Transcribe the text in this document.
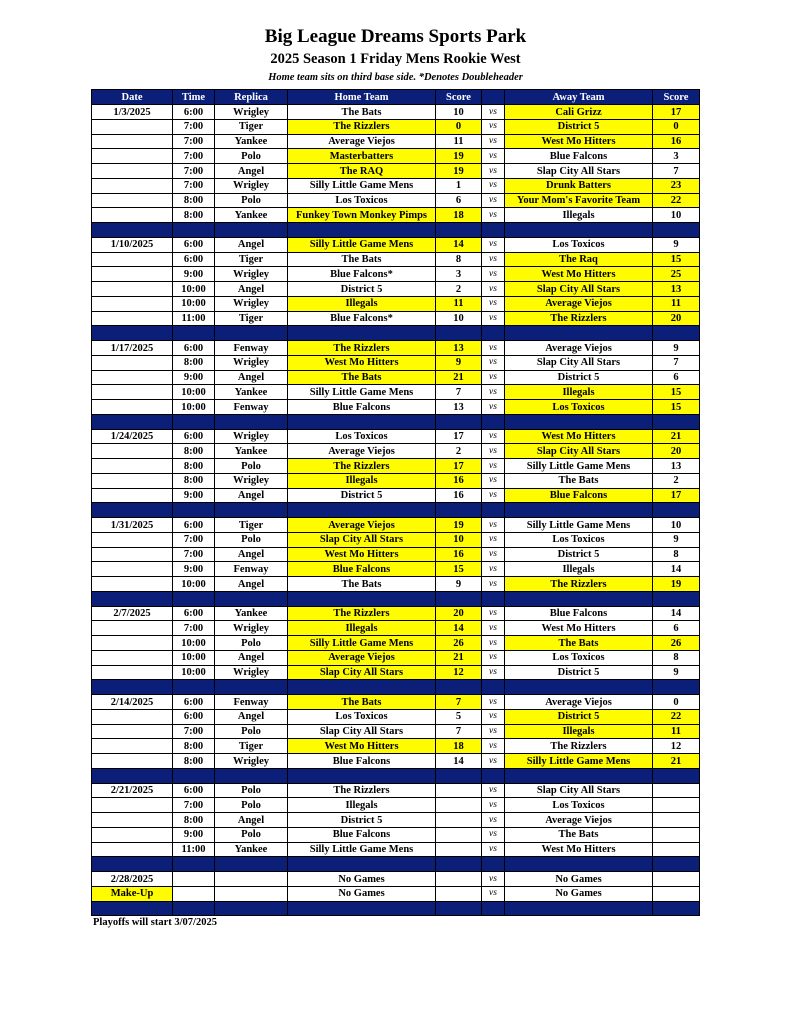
Big League Dreams Sports Park
2025 Season 1 Friday Mens Rookie West
Home team sits on third base side. *Denotes Doubleheader
Date	Time	Replica	Home Team	Score		Away Team	Score
1/3/2025	6:00	Wrigley	The Bats	10	vs	Cali Grizz	17
	7:00	Tiger	The Rizzlers	0	vs	District 5	0
	7:00	Yankee	Average Viejos	11	vs	West Mo Hitters	16
	7:00	Polo	Masterbatters	19	vs	Blue Falcons	3
	7:00	Angel	The RAQ	19	vs	Slap City All Stars	7
	7:00	Wrigley	Silly Little Game Mens	1	vs	Drunk Batters	23
	8:00	Polo	Los Toxicos	6	vs	Your Mom's Favorite Team	22
	8:00	Yankee	Funkey Town Monkey Pimps	18	vs	Illegals	10

1/10/2025	6:00	Angel	Silly Little Game Mens	14	vs	Los Toxicos	9
	6:00	Tiger	The Bats	8	vs	The Raq	15
	9:00	Wrigley	Blue Falcons*	3	vs	West Mo Hitters	25
	10:00	Angel	District 5	2	vs	Slap City All Stars	13
	10:00	Wrigley	Illegals	11	vs	Average Viejos	11
	11:00	Tiger	Blue Falcons*	10	vs	The Rizzlers	20

1/17/2025	6:00	Fenway	The Rizzlers	13	vs	Average Viejos	9
	8:00	Wrigley	West Mo Hitters	9	vs	Slap City All Stars	7
	9:00	Angel	The Bats	21	vs	District 5	6
	10:00	Yankee	Silly Little Game Mens	7	vs	Illegals	15
	10:00	Fenway	Blue Falcons	13	vs	Los Toxicos	15

1/24/2025	6:00	Wrigley	Los Toxicos	17	vs	West Mo Hitters	21
	8:00	Yankee	Average Viejos	2	vs	Slap City All Stars	20
	8:00	Polo	The Rizzlers	17	vs	Silly Little Game Mens	13
	8:00	Wrigley	Illegals	16	vs	The Bats	2
	9:00	Angel	District 5	16	vs	Blue Falcons	17

1/31/2025	6:00	Tiger	Average Viejos	19	vs	Silly Little Game Mens	10
	7:00	Polo	Slap City All Stars	10	vs	Los Toxicos	9
	7:00	Angel	West Mo Hitters	16	vs	District 5	8
	9:00	Fenway	Blue Falcons	15	vs	Illegals	14
	10:00	Angel	The Bats	9	vs	The Rizzlers	19

2/7/2025	6:00	Yankee	The Rizzlers	20	vs	Blue Falcons	14
	7:00	Wrigley	Illegals	14	vs	West Mo Hitters	6
	10:00	Polo	Silly Little Game Mens	26	vs	The Bats	26
	10:00	Angel	Average Viejos	21	vs	Los Toxicos	8
	10:00	Wrigley	Slap City All Stars	12	vs	District 5	9

2/14/2025	6:00	Fenway	The Bats	7	vs	Average Viejos	0
	6:00	Angel	Los Toxicos	5	vs	District 5	22
	7:00	Polo	Slap City All Stars	7	vs	Illegals	11
	8:00	Tiger	West Mo Hitters	18	vs	The Rizzlers	12
	8:00	Wrigley	Blue Falcons	14	vs	Silly Little Game Mens	21

2/21/2025	6:00	Polo	The Rizzlers		vs	Slap City All Stars	
	7:00	Polo	Illegals		vs	Los Toxicos	
	8:00	Angel	District 5		vs	Average Viejos	
	9:00	Polo	Blue Falcons		vs	The Bats	
	11:00	Yankee	Silly Little Game Mens		vs	West Mo Hitters	

2/28/2025			No Games		vs	No Games	
Make-Up			No Games		vs	No Games	

Playoffs will start 3/07/2025
